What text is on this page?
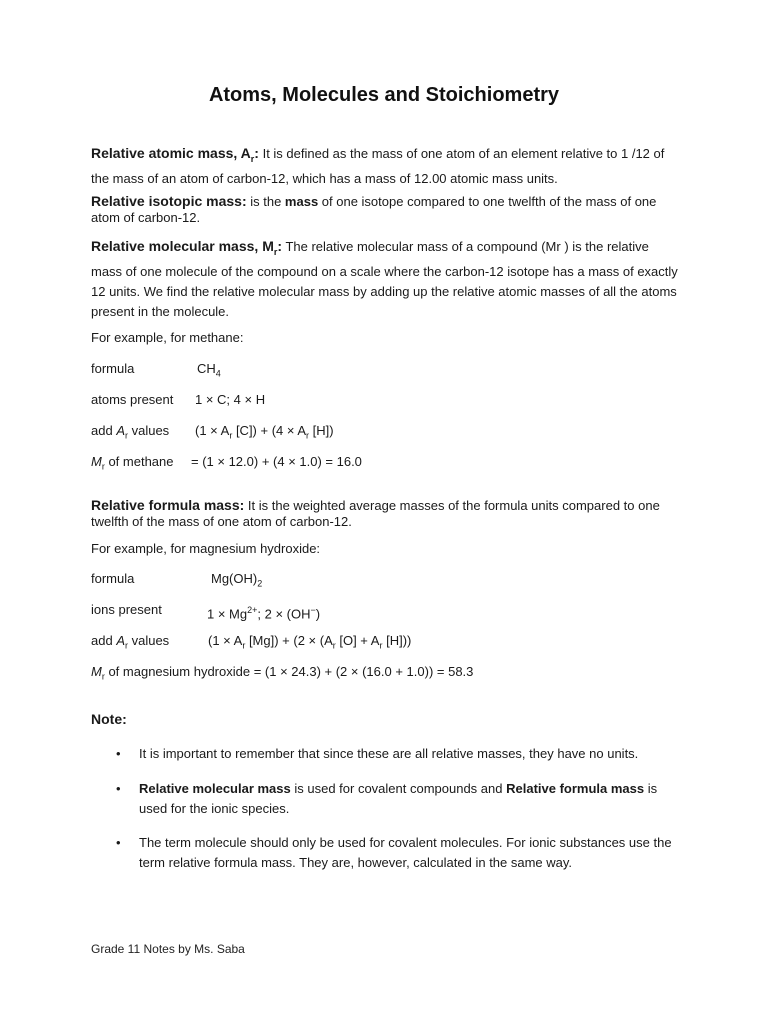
Atoms, Molecules and Stoichiometry

Relative atomic mass, $A_r$: It is defined as the mass of one atom of an element relative to 1 /12 of the mass of an atom of carbon-12, which has a mass of 12.00 atomic mass units.

Relative isotopic mass: is the mass of one isotope compared to one twelfth of the mass of one atom of carbon-12.

Relative molecular mass, $M_r$: The relative molecular mass of a compound (Mr ) is the relative mass of one molecule of the compound on a scale where the carbon-12 isotope has a mass of exactly 12 units. We find the relative molecular mass by adding up the relative atomic masses of all the atoms present in the molecule.

For example, for methane:
formula	$CH_4$
atoms present 1 × C; 4 × H
add $A_r$ values ($1 \times A_r$ $[C]) + (4 \times A_r$ [H])
$M_r$ of methane = (1 × 12.0) + (4 × 1.0) = 16.0

Relative formula mass: It is the weighted average masses of the formula units compared to one twelfth of the mass of one atom of carbon-12.

For example, for magnesium hydroxide:
formula	$Mg(OH)_2$
ions present	$1 \times Mg^{2+}$; 2 × (OH−)
add $A_r$ values	($1 \times A_r$ $[Mg]) + (2 \times (A_r$ $[O] + A_r$ [H]))
$M_r$ of magnesium hydroxide = (1 × 24.3) + (2 × (16.0 + 1.0)) = 58.3
Note:
• It is important to remember that since these are all relative masses, they have no units.

• Relative molecular mass is used for covalent compounds and Relative formula mass is used for the ionic species.

• The term molecule should only be used for covalent molecules. For ionic substances use the term relative formula mass. They are, however, calculated in the same way.

Grade 11 Notes by Ms. Saba
